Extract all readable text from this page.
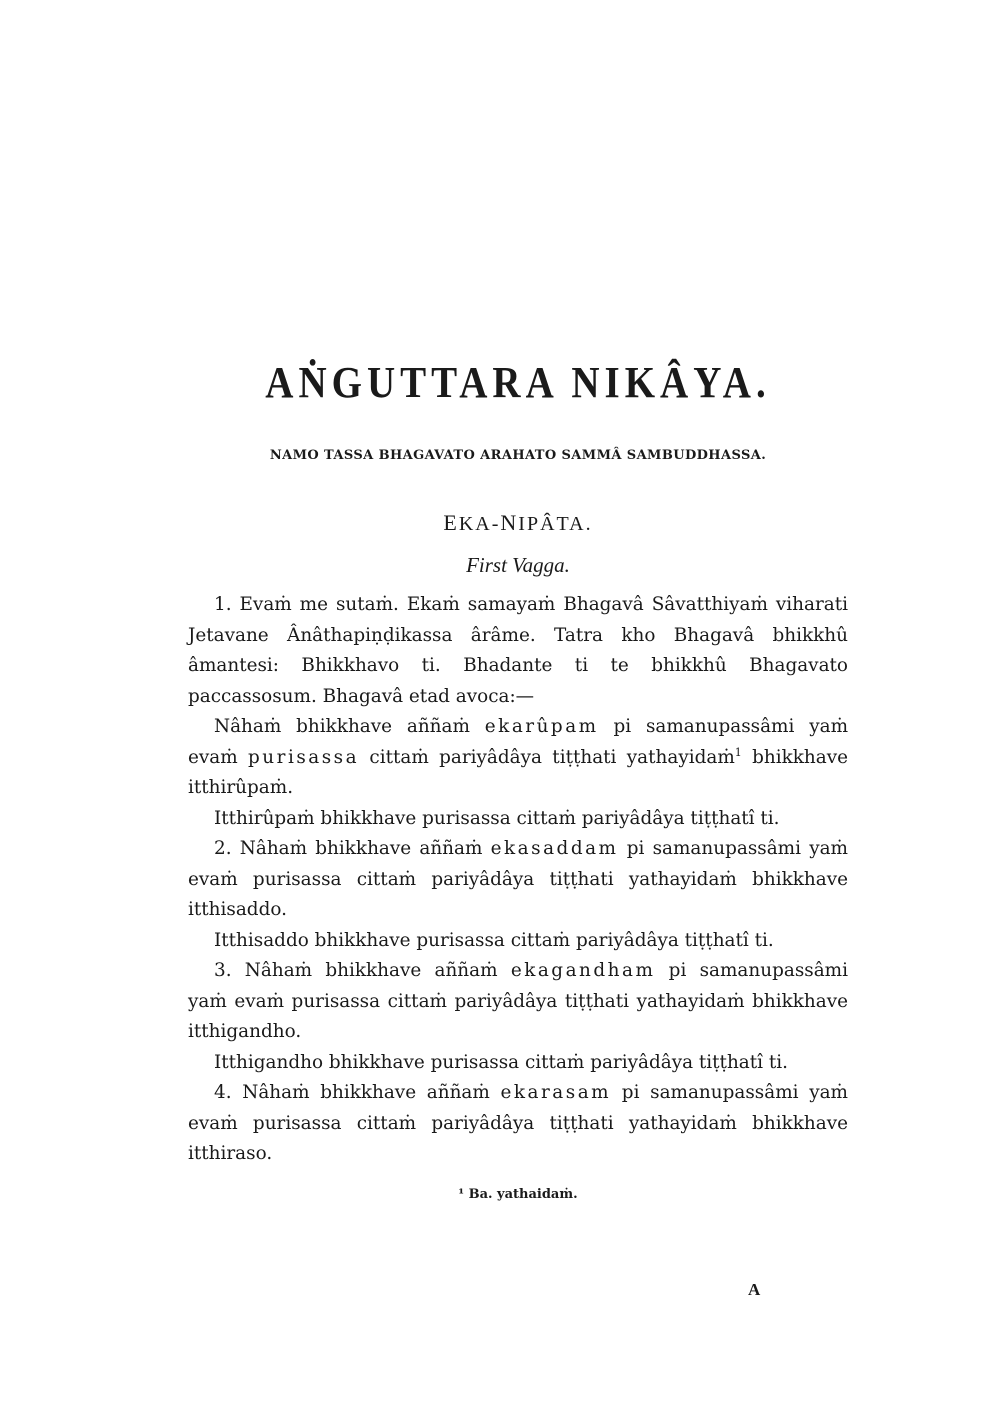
AṄGUTTARA NIKÂYA.
NAMO TASSA BHAGAVATO ARAHATO SAMMÂ SAMBUDDHASSA.
EKA-NIPÂTA.
First Vagga.

1. Evaṁ me sutaṁ. Ekaṁ samayaṁ Bhagavâ Sâvatthiyaṁ viharati Jetavane Ânâthapiṇḍikassa ârâme. Tatra kho Bhagavâ bhikkhû âmantesi: Bhikkhavo ti. Bhadante ti te bhikkhû Bhagavato paccassosum. Bhagavâ etad avoca:—

Nâhaṁ bhikkhave aññaṁ ekarûpam pi samanupassâmi yaṁ evaṁ purisassa cittaṁ pariyâdâya tiṭṭhati yathayidaṁ$^1$ bhikkhave itthirûpaṁ.

Itthirûpaṁ bhikkhave purisassa cittaṁ pariyâdâya tiṭṭhatî ti.

2. Nâhaṁ bhikkhave aññaṁ ekasaddam pi samanupassâmi yaṁ evaṁ purisassa cittaṁ pariyâdâya tiṭṭhati yathayidaṁ bhikkhave itthisaddo.

Itthisaddo bhikkhave purisassa cittaṁ pariyâdâya tiṭṭhatî ti.

3. Nâhaṁ bhikkhave aññaṁ ekagandham pi samanupassâmi yaṁ evaṁ purisassa cittaṁ pariyâdâya tiṭṭhati yathayidaṁ bhikkhave itthigandho.

Itthigandho bhikkhave purisassa cittaṁ pariyâdâya tiṭṭhatî ti.

4. Nâhaṁ bhikkhave aññaṁ ekarasam pi samanupassâmi yaṁ evaṁ purisassa cittaṁ pariyâdâya tiṭṭhati yathayidaṁ bhikkhave itthiraso.

¹ Ba. yathaidaṁ.
A
